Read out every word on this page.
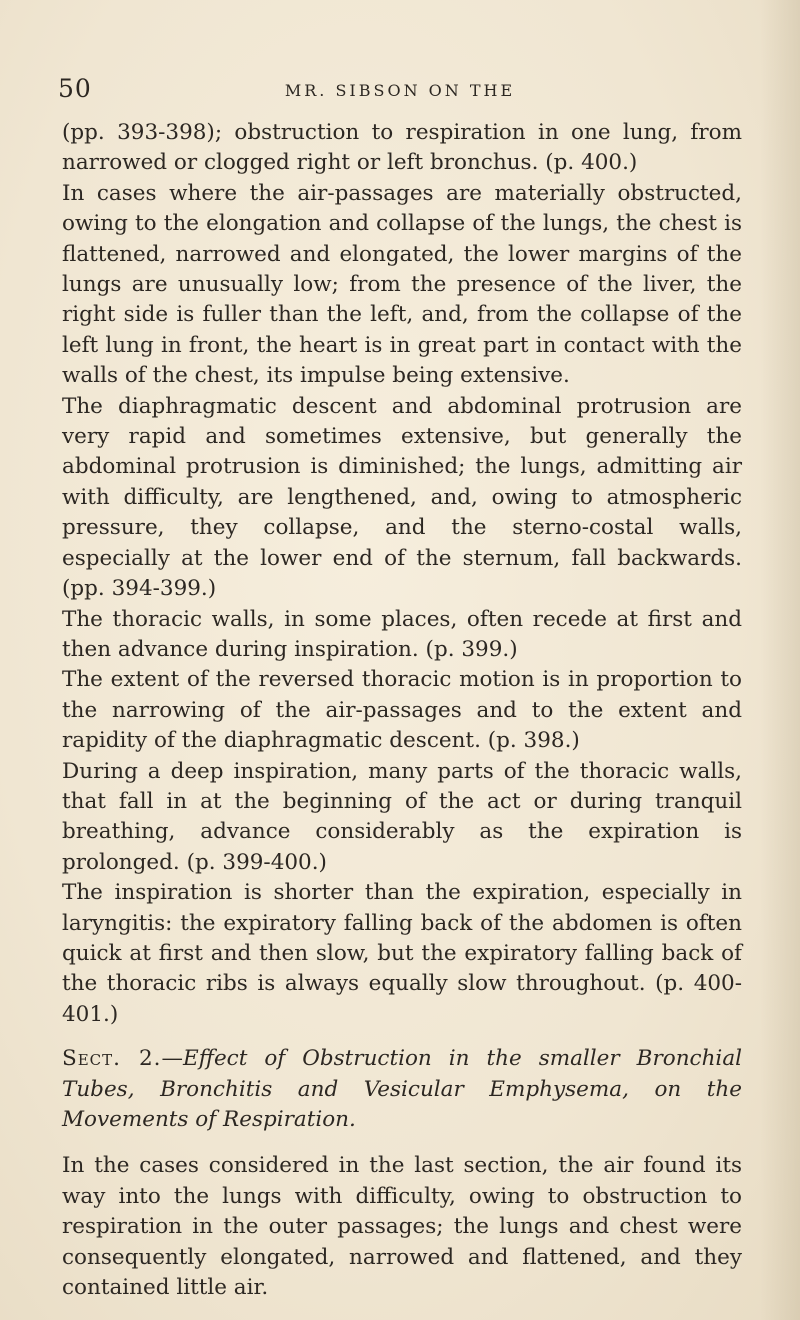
50	MR. SIBSON ON THE

(pp. 393-398); obstruction to respiration in one lung, from narrowed or clogged right or left bronchus. (p. 400.)

In cases where the air-passages are materially obstructed, owing to the elongation and collapse of the lungs, the chest is flattened, narrowed and elongated, the lower margins of the lungs are unusually low; from the presence of the liver, the right side is fuller than the left, and, from the collapse of the left lung in front, the heart is in great part in contact with the walls of the chest, its impulse being extensive.

The diaphragmatic descent and abdominal protrusion are very rapid and sometimes extensive, but generally the abdominal protrusion is diminished; the lungs, admitting air with difficulty, are lengthened, and, owing to atmospheric pressure, they collapse, and the sterno-costal walls, especially at the lower end of the sternum, fall backwards. (pp. 394-399.)

The thoracic walls, in some places, often recede at first and then advance during inspiration. (p. 399.)

The extent of the reversed thoracic motion is in proportion to the narrowing of the air-passages and to the extent and rapidity of the diaphragmatic descent. (p. 398.)

During a deep inspiration, many parts of the thoracic walls, that fall in at the beginning of the act or during tranquil breathing, advance considerably as the expiration is prolonged. (p. 399-400.)

The inspiration is shorter than the expiration, especially in laryngitis: the expiratory falling back of the abdomen is often quick at first and then slow, but the expiratory falling back of the thoracic ribs is always equally slow throughout. (p. 400-401.)

Sect. 2.—Effect of Obstruction in the smaller Bronchial Tubes, Bronchitis and Vesicular Emphysema, on the Movements of Respiration.

In the cases considered in the last section, the air found its way into the lungs with difficulty, owing to obstruction to respiration in the outer passages; the lungs and chest were consequently elongated, narrowed and flattened, and they contained little air.
